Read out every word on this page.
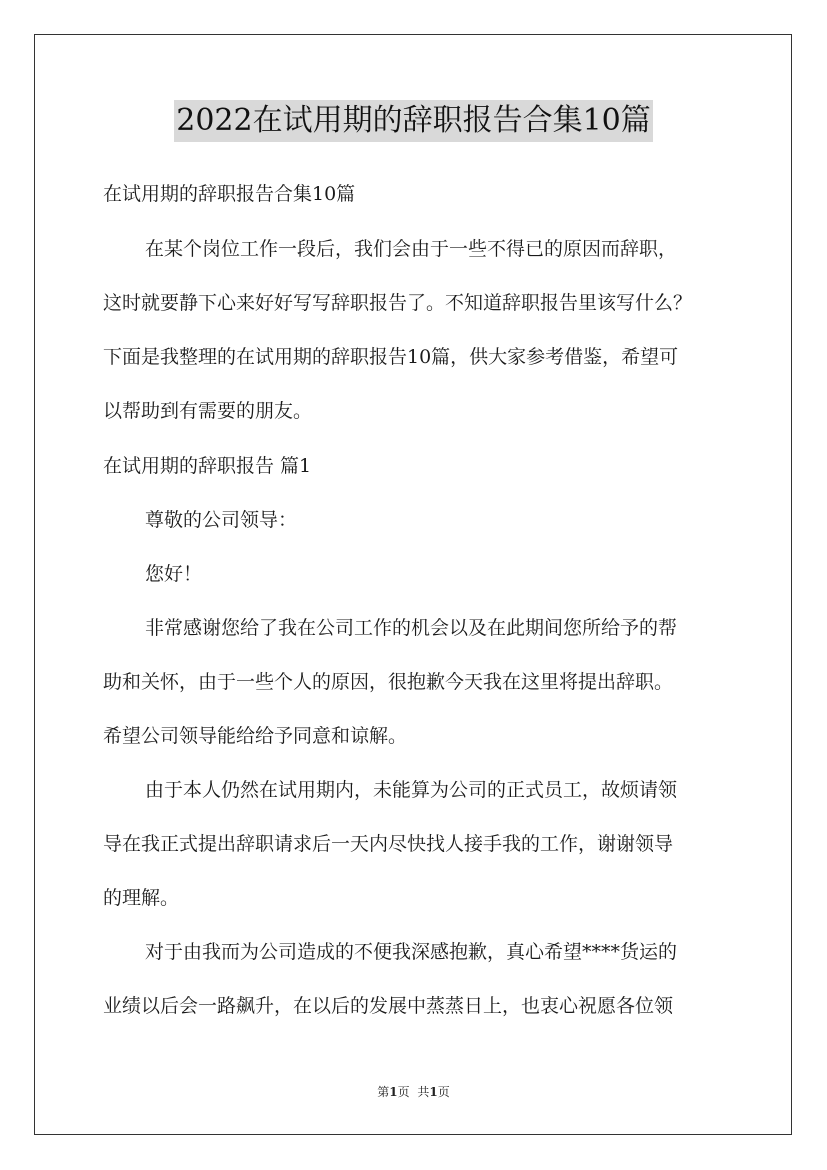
2022在试用期的辞职报告合集10篇
在试用期的辞职报告合集10篇
在某个岗位工作一段后，我们会由于一些不得已的原因而辞职，
这时就要静下心来好好写写辞职报告了。不知道辞职报告里该写什么？
下面是我整理的在试用期的辞职报告10篇，供大家参考借鉴，希望可
以帮助到有需要的朋友。
在试用期的辞职报告 篇1
尊敬的公司领导：
您好！
非常感谢您给了我在公司工作的机会以及在此期间您所给予的帮
助和关怀，由于一些个人的原因，很抱歉今天我在这里将提出辞职。
希望公司领导能给给予同意和谅解。
由于本人仍然在试用期内，未能算为公司的正式员工，故烦请领
导在我正式提出辞职请求后一天内尽快找人接手我的工作，谢谢领导
的理解。
对于由我而为公司造成的不便我深感抱歉，真心希望****货运的
业绩以后会一路飙升，在以后的发展中蒸蒸日上，也衷心祝愿各位领
第1页 共1页
